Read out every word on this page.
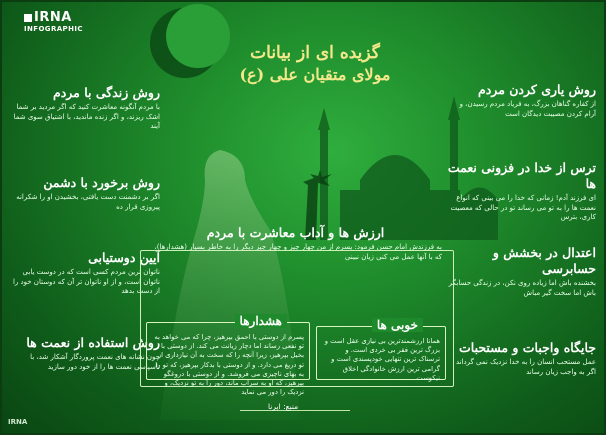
IRNA
INFOGRAPHIC
گزیده ای از بیانات
مولای متقیان علی (ع)
روش زندگی با مردم

با مردم آنگونه معاشرت کنید که اگر مردید بر شما اشک ریزند، و اگر زنده ماندید، با اشتیاق سوی شما آیند

روش برخورد با دشمن

اگر بر دشمنت دست یافتی، بخشیدن او را شکرانه پیروزی قرار ده

آیین دوستیابی

ناتوان ترین مردم کسی است که در دوست یابی ناتوان است، و از او ناتوان تر آن که دوستان خود را از دست بدهد

روش استفاده از نعمت ها

چون نشانه های نعمت پروردگار آشکار شد، با ناسپاسی نعمت ها را از خود دور سازید

روش یاری کردن مردم

از کفاره گناهان بزرگ، به فریاد مردم رسیدن، و آرام کردن مصیبت دیدگان است

ترس از خدا در فزونی نعمت ها

ای فرزند آدم! زمانی که خدا را می بینی که انواع نعمت ها را به تو می رساند تو در حالی که معصیت کاری، بترس

اعتدال در بخشش و حسابرسی

بخشنده باش اما زیاده روی نکن، در زندگی حسابگر باش اما سخت گیر مباش

جایگاه واجبات و مستحبات

عمل مستحب انسان را به خدا نزدیک نمی گرداند اگر به واجب زیان رساند

ارزش ها و آداب معاشرت با مردم
به فرزندش امام حسن فرمود: پسرم از من چهار چیز و چهار چیز دیگر را به خاطر بسپار (هشدارها)، که با آنها عمل می کنی زیان نبینی
خوبی ها

همانا ارزشمندترین بی نیازی عقل است و بزرگ ترین فقر بی خردی است. و ترسناک ترین تنهایی خودپسندی است و گرامی ترین ارزش خانوادگی اخلاق نیکوست

هشدارها

پسرم از دوستی با احمق بپرهیز، چرا که می خواهد به تو نفعی رساند اما دچار زیانت می کند. از دوستی با بخیل بپرهیز، زیرا آنچه را که سخت به آن نیازداری از تو دریغ می دارد. و از دوستی با بدکار بپرهیز، که تو را به بهای ناچیزی می فروشد. و از دوستی با دروغگو بپرهیز، که او به سراب ماند، دور را به تو نزدیک، و نزدیک را دور می نماید

منبع: ایرنا
IRNA
